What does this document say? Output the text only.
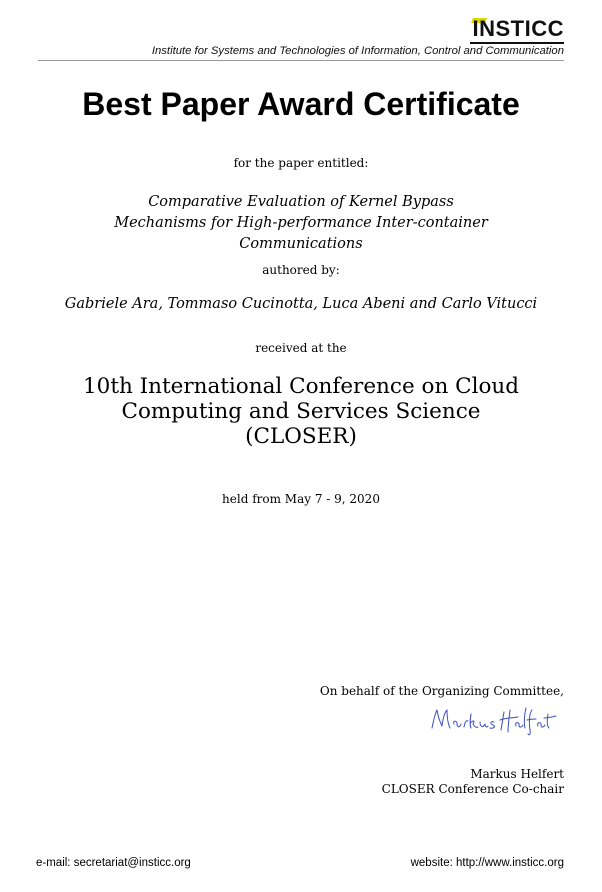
INSTICC
Institute for Systems and Technologies of Information, Control and Communication
Best Paper Award Certificate

for the paper entitled:

Comparative Evaluation of Kernel Bypass
Mechanisms for High-performance Inter-container
Communications

authored by:

Gabriele Ara, Tommaso Cucinotta, Luca Abeni and Carlo Vitucci

received at the

10th International Conference on Cloud
Computing and Services Science
(CLOSER)

held from May 7 - 9, 2020

On behalf of the Organizing Committee,
Markus Helfert
CLOSER Conference Co-chair
e-mail: secretariat@insticc.org	website: http://www.insticc.org
